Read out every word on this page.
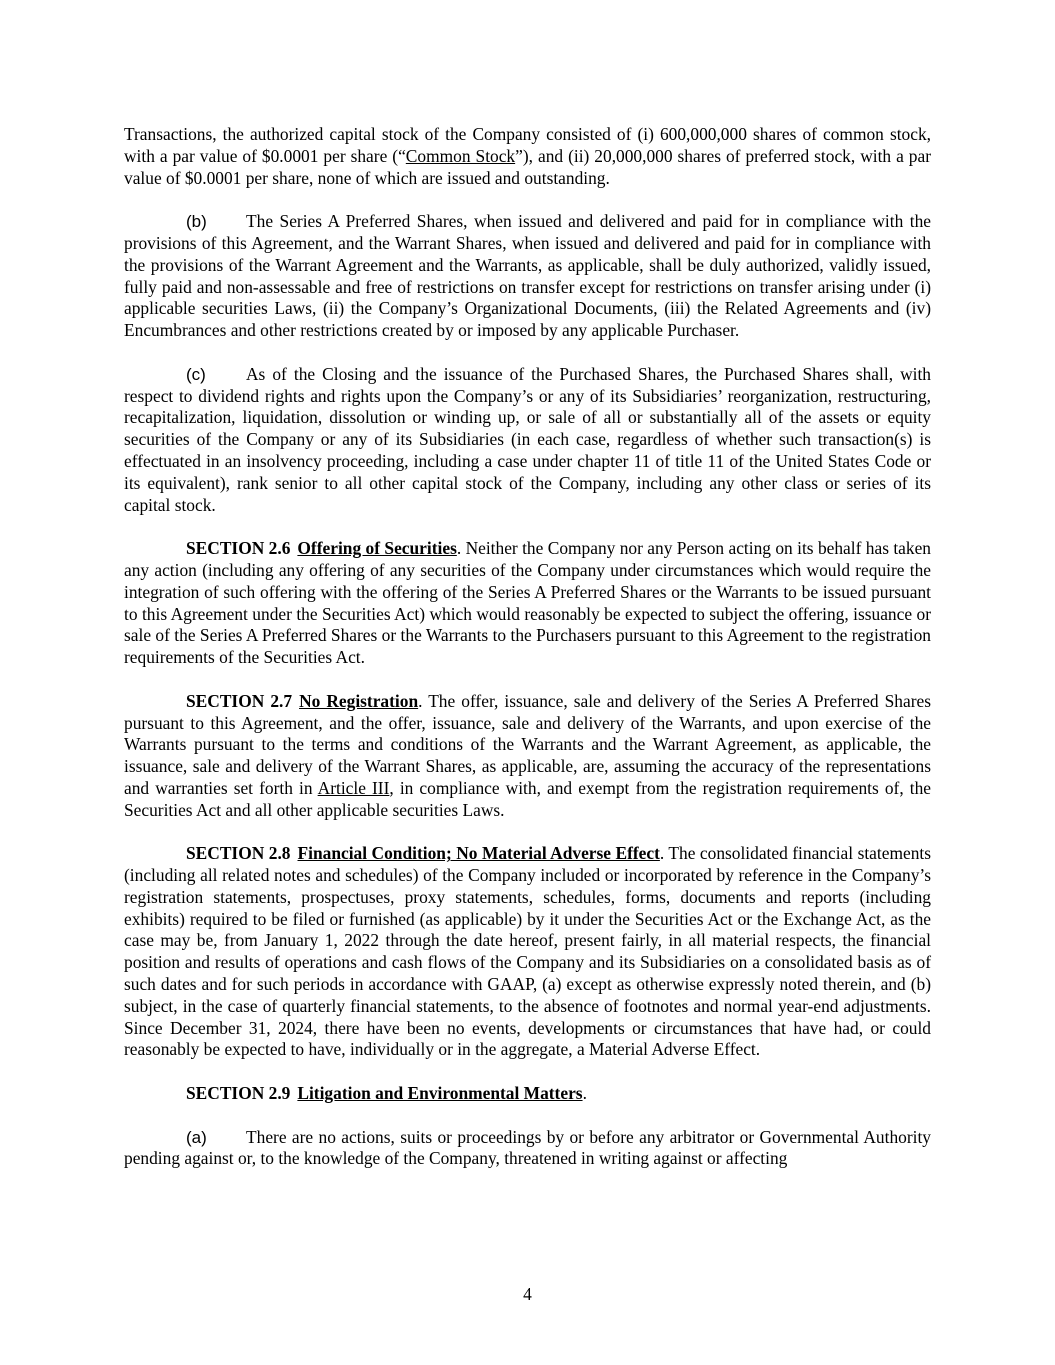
Transactions, the authorized capital stock of the Company consisted of (i) 600,000,000 shares of common stock, with a par value of $0.0001 per share (“Common Stock”), and (ii) 20,000,000 shares of preferred stock, with a par value of $0.0001 per share, none of which are issued and outstanding.

(b) The Series A Preferred Shares, when issued and delivered and paid for in compliance with the provisions of this Agreement, and the Warrant Shares, when issued and delivered and paid for in compliance with the provisions of the Warrant Agreement and the Warrants, as applicable, shall be duly authorized, validly issued, fully paid and non-assessable and free of restrictions on transfer except for restrictions on transfer arising under (i) applicable securities Laws, (ii) the Company’s Organizational Documents, (iii) the Related Agreements and (iv) Encumbrances and other restrictions created by or imposed by any applicable Purchaser.

(c) As of the Closing and the issuance of the Purchased Shares, the Purchased Shares shall, with respect to dividend rights and rights upon the Company’s or any of its Subsidiaries’ reorganization, restructuring, recapitalization, liquidation, dissolution or winding up, or sale of all or substantially all of the assets or equity securities of the Company or any of its Subsidiaries (in each case, regardless of whether such transaction(s) is effectuated in an insolvency proceeding, including a case under chapter 11 of title 11 of the United States Code or its equivalent), rank senior to all other capital stock of the Company, including any other class or series of its capital stock.

SECTION 2.6 Offering of Securities. Neither the Company nor any Person acting on its behalf has taken any action (including any offering of any securities of the Company under circumstances which would require the integration of such offering with the offering of the Series A Preferred Shares or the Warrants to be issued pursuant to this Agreement under the Securities Act) which would reasonably be expected to subject the offering, issuance or sale of the Series A Preferred Shares or the Warrants to the Purchasers pursuant to this Agreement to the registration requirements of the Securities Act.

SECTION 2.7 No Registration. The offer, issuance, sale and delivery of the Series A Preferred Shares pursuant to this Agreement, and the offer, issuance, sale and delivery of the Warrants, and upon exercise of the Warrants pursuant to the terms and conditions of the Warrants and the Warrant Agreement, as applicable, the issuance, sale and delivery of the Warrant Shares, as applicable, are, assuming the accuracy of the representations and warranties set forth in Article III, in compliance with, and exempt from the registration requirements of, the Securities Act and all other applicable securities Laws.

SECTION 2.8 Financial Condition; No Material Adverse Effect. The consolidated financial statements (including all related notes and schedules) of the Company included or incorporated by reference in the Company’s registration statements, prospectuses, proxy statements, schedules, forms, documents and reports (including exhibits) required to be filed or furnished (as applicable) by it under the Securities Act or the Exchange Act, as the case may be, from January 1, 2022 through the date hereof, present fairly, in all material respects, the financial position and results of operations and cash flows of the Company and its Subsidiaries on a consolidated basis as of such dates and for such periods in accordance with GAAP, (a) except as otherwise expressly noted therein, and (b) subject, in the case of quarterly financial statements, to the absence of footnotes and normal year-end adjustments. Since December 31, 2024, there have been no events, developments or circumstances that have had, or could reasonably be expected to have, individually or in the aggregate, a Material Adverse Effect.

SECTION 2.9 Litigation and Environmental Matters.

(a) There are no actions, suits or proceedings by or before any arbitrator or Governmental Authority pending against or, to the knowledge of the Company, threatened in writing against or affecting

4
